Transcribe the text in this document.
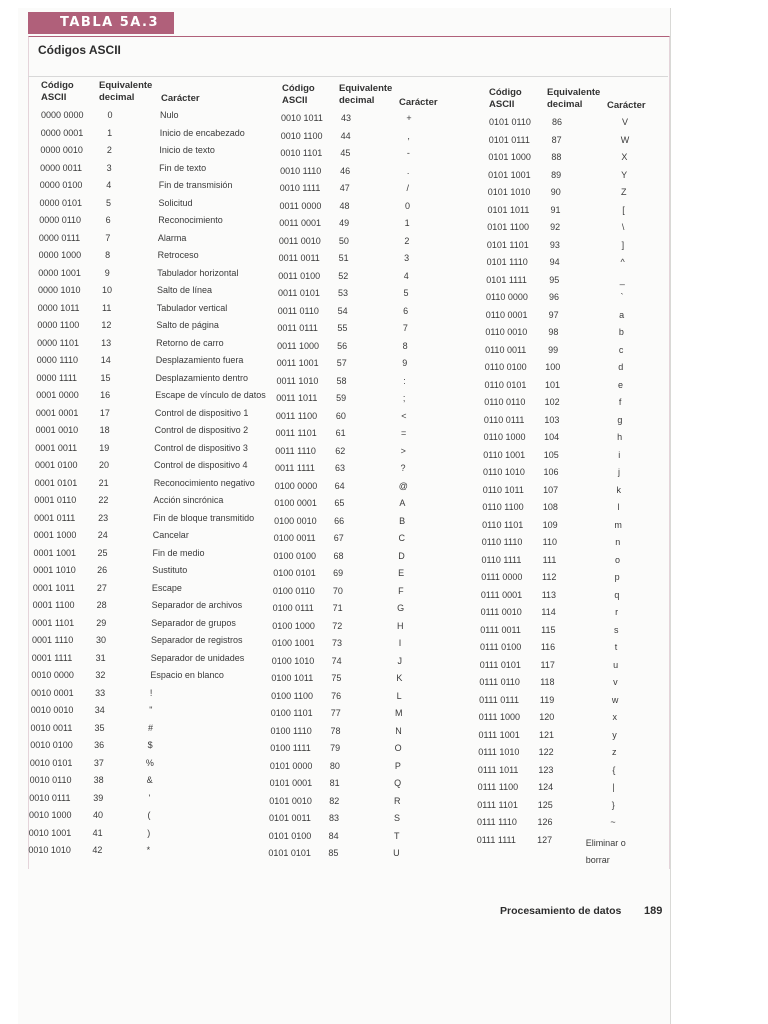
TABLA 5A.3
Códigos ASCII
Código
ASCII
Equivalente
decimal	Carácter
Código
ASCII
Equivalente
decimal	Carácter
Código
ASCII
Equivalente
decimal	Carácter
0000 0000	0	Nulo
0000 0001	1	Inicio de encabezado
0000 0010	2	Inicio de texto
0000 0011	3	Fin de texto
0000 0100	4	Fin de transmisión
0000 0101	5	Solicitud
0000 0110	6	Reconocimiento
0000 0111	7	Alarma
0000 1000	8	Retroceso
0000 1001	9	Tabulador horizontal
0000 1010	10	Salto de línea
0000 1011	11	Tabulador vertical
0000 1100	12	Salto de página
0000 1101	13	Retorno de carro
0000 1110	14	Desplazamiento fuera
0000 1111	15	Desplazamiento dentro
0001 0000	16	Escape de vínculo de datos
0001 0001	17	Control de dispositivo 1
0001 0010	18	Control de dispositivo 2
0001 0011	19	Control de dispositivo 3
0001 0100	20	Control de dispositivo 4
0001 0101	21	Reconocimiento negativo
0001 0110	22	Acción sincrónica
0001 0111	23	Fin de bloque transmitido
0001 1000	24	Cancelar
0001 1001	25	Fin de medio
0001 1010	26	Sustituto
0001 1011	27	Escape
0001 1100	28	Separador de archivos
0001 1101	29	Separador de grupos
0001 1110	30	Separador de registros
0001 1111	31	Separador de unidades
0010 0000	32	Espacio en blanco
0010 0001	33	!
0010 0010	34	"
0010 0011	35	#
0010 0100	36	$
0010 0101	37	%
0010 0110	38	&
0010 0111	39	'
0010 1000	40	(
0010 1001	41	)
0010 1010	42	*
0010 1011	43	+
0010 1100	44	,
0010 1101	45	-
0010 1110	46	.
0010 1111	47	/
0011 0000	48	0
0011 0001	49	1
0011 0010	50	2
0011 0011	51	3
0011 0100	52	4
0011 0101	53	5
0011 0110	54	6
0011 0111	55	7
0011 1000	56	8
0011 1001	57	9
0011 1010	58	:
0011 1011	59	;
0011 1100	60	<
0011 1101	61	=
0011 1110	62	>
0011 1111	63	?
0100 0000	64	@
0100 0001	65	A
0100 0010	66	B
0100 0011	67	C
0100 0100	68	D
0100 0101	69	E
0100 0110	70	F
0100 0111	71	G
0100 1000	72	H
0100 1001	73	I
0100 1010	74	J
0100 1011	75	K
0100 1100	76	L
0100 1101	77	M
0100 1110	78	N
0100 1111	79	O
0101 0000	80	P
0101 0001	81	Q
0101 0010	82	R
0101 0011	83	S
0101 0100	84	T
0101 0101	85	U
0101 0110	86	V
0101 0111	87	W
0101 1000	88	X
0101 1001	89	Y
0101 1010	90	Z
0101 1011	91	[
0101 1100	92	\
0101 1101	93	]
0101 1110	94	^
0101 1111	95	_
0110 0000	96	`
0110 0001	97	a
0110 0010	98	b
0110 0011	99	c
0110 0100	100	d
0110 0101	101	e
0110 0110	102	f
0110 0111	103	g
0110 1000	104	h
0110 1001	105	i
0110 1010	106	j
0110 1011	107	k
0110 1100	108	l
0110 1101	109	m
0110 1110	110	n
0110 1111	111	o
0111 0000	112	p
0111 0001	113	q
0111 0010	114	r
0111 0011	115	s
0111 0100	116	t
0111 0101	117	u
0111 0110	118	v
0111 0111	119	w
0111 1000	120	x
0111 1001	121	y
0111 1010	122	z
0111 1011	123	{
0111 1100	124	|
0111 1101	125	}
0111 1110	126	~
0111 1111	127	Eliminar o borrar
Procesamiento de datos 189
